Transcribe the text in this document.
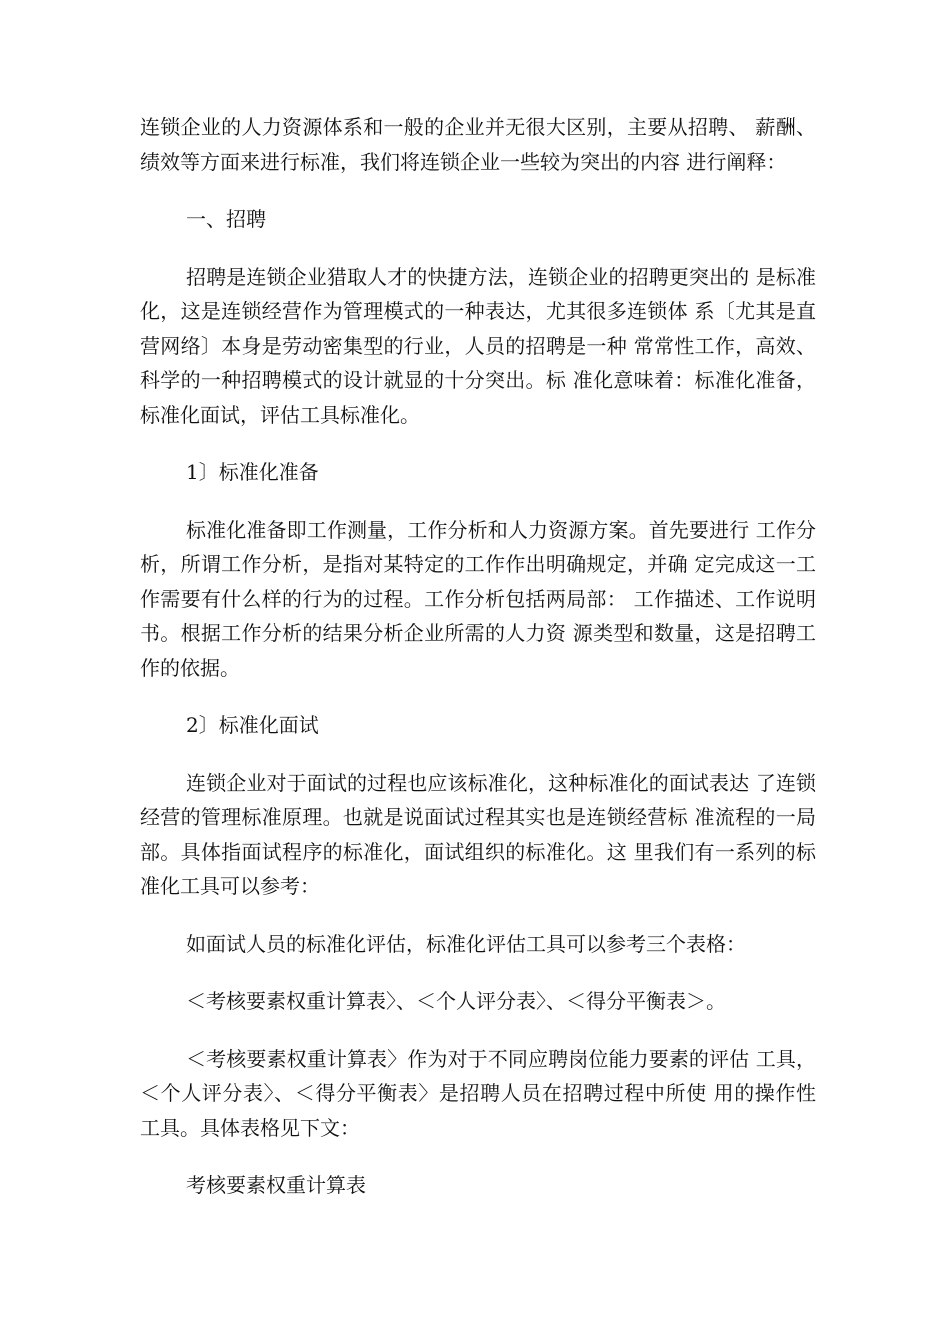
连锁企业的人力资源体系和一般的企业并无很大区别，主要从招聘、 薪酬、绩效等方面来进行标准，我们将连锁企业一些较为突出的内容 进行阐释：

一、招聘

招聘是连锁企业猎取人才的快捷方法，连锁企业的招聘更突出的 是标准化，这是连锁经营作为管理模式的一种表达，尤其很多连锁体 系〔尤其是直营网络〕本身是劳动密集型的行业，人员的招聘是一种 常常性工作，高效、科学的一种招聘模式的设计就显的十分突出。标 准化意味着：标准化准备，标准化面试，评估工具标准化。

1〕标准化准备

标准化准备即工作测量，工作分析和人力资源方案。首先要进行 工作分析，所谓工作分析，是指对某特定的工作作出明确规定，并确 定完成这一工作需要有什么样的行为的过程。工作分析包括两局部： 工作描述、工作说明书。根据工作分析的结果分析企业所需的人力资 源类型和数量，这是招聘工作的依据。

2〕标准化面试

连锁企业对于面试的过程也应该标准化，这种标准化的面试表达 了连锁经营的管理标准原理。也就是说面试过程其实也是连锁经营标 准流程的一局部。具体指面试程序的标准化，面试组织的标准化。这 里我们有一系列的标准化工具可以参考：

如面试人员的标准化评估，标准化评估工具可以参考三个表格：

＜考核要素权重计算表〉、＜个人评分表〉、＜得分平衡表＞。

＜考核要素权重计算表〉作为对于不同应聘岗位能力要素的评估 工具，＜个人评分表〉、＜得分平衡表〉是招聘人员在招聘过程中所使 用的操作性工具。具体表格见下文：

考核要素权重计算表
